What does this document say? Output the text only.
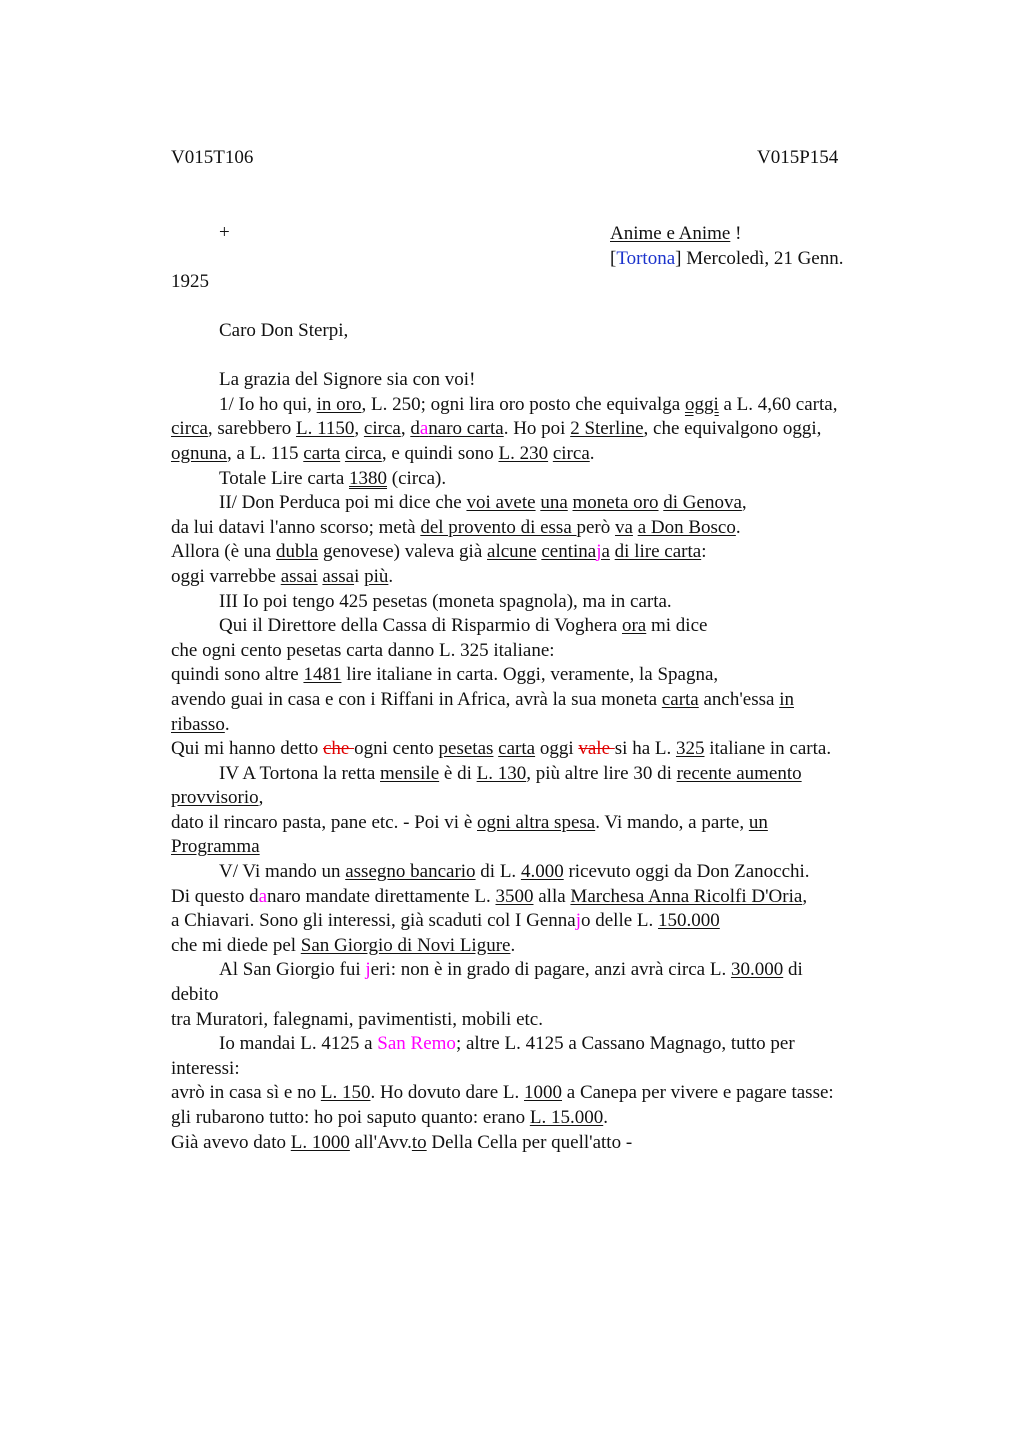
V015T106	V015P154
+	Anime e Anime !
[Tortona] Mercoledì, 21 Genn.
1925
Caro Don Sterpi,
La grazia del Signore sia con voi!
1/ Io ho qui, in oro, L. 250; ogni lira oro posto che equivalga oggi a L. 4,60 carta,
circa, sarebbero L. 1150, circa, danaro carta. Ho poi 2 Sterline, che equivalgono oggi,
ognuna, a L. 115 carta circa, e quindi sono L. 230 circa.
Totale Lire carta 1380 (circa).
II/ Don Perduca poi mi dice che voi avete una moneta oro di Genova,
da lui datavi l'anno scorso; metà del provento di essa però va a Don Bosco.
Allora (è una dubla genovese) valeva già alcune centinaja di lire carta:
oggi varrebbe assai assai più.
III Io poi tengo 425 pesetas (moneta spagnola), ma in carta.
Qui il Direttore della Cassa di Risparmio di Voghera ora mi dice
che ogni cento pesetas carta danno L. 325 italiane:
quindi sono altre 1481 lire italiane in carta. Oggi, veramente, la Spagna,
avendo guai in casa e con i Riffani in Africa, avrà la sua moneta carta anch'essa in
ribasso.
Qui mi hanno detto che ogni cento pesetas carta oggi vale si ha L. 325 italiane in carta.
IV A Tortona la retta mensile è di L. 130, più altre lire 30 di recente aumento
provvisorio,
dato il rincaro pasta, pane etc. - Poi vi è ogni altra spesa. Vi mando, a parte, un
Programma
V/ Vi mando un assegno bancario di L. 4.000 ricevuto oggi da Don Zanocchi.
Di questo danaro mandate direttamente L. 3500 alla Marchesa Anna Ricolfi D'Oria,
a Chiavari. Sono gli interessi, già scaduti col I Gennajo delle L. 150.000
che mi diede pel San Giorgio di Novi Ligure.
Al San Giorgio fui jeri: non è in grado di pagare, anzi avrà circa L. 30.000 di
debito
tra Muratori, falegnami, pavimentisti, mobili etc.
Io mandai L. 4125 a San Remo; altre L. 4125 a Cassano Magnago, tutto per
interessi:
avrò in casa sì e no L. 150. Ho dovuto dare L. 1000 a Canepa per vivere e pagare tasse:
gli rubarono tutto: ho poi saputo quanto: erano L. 15.000.
Già avevo dato L. 1000 all'Avv.to Della Cella per quell'atto -
